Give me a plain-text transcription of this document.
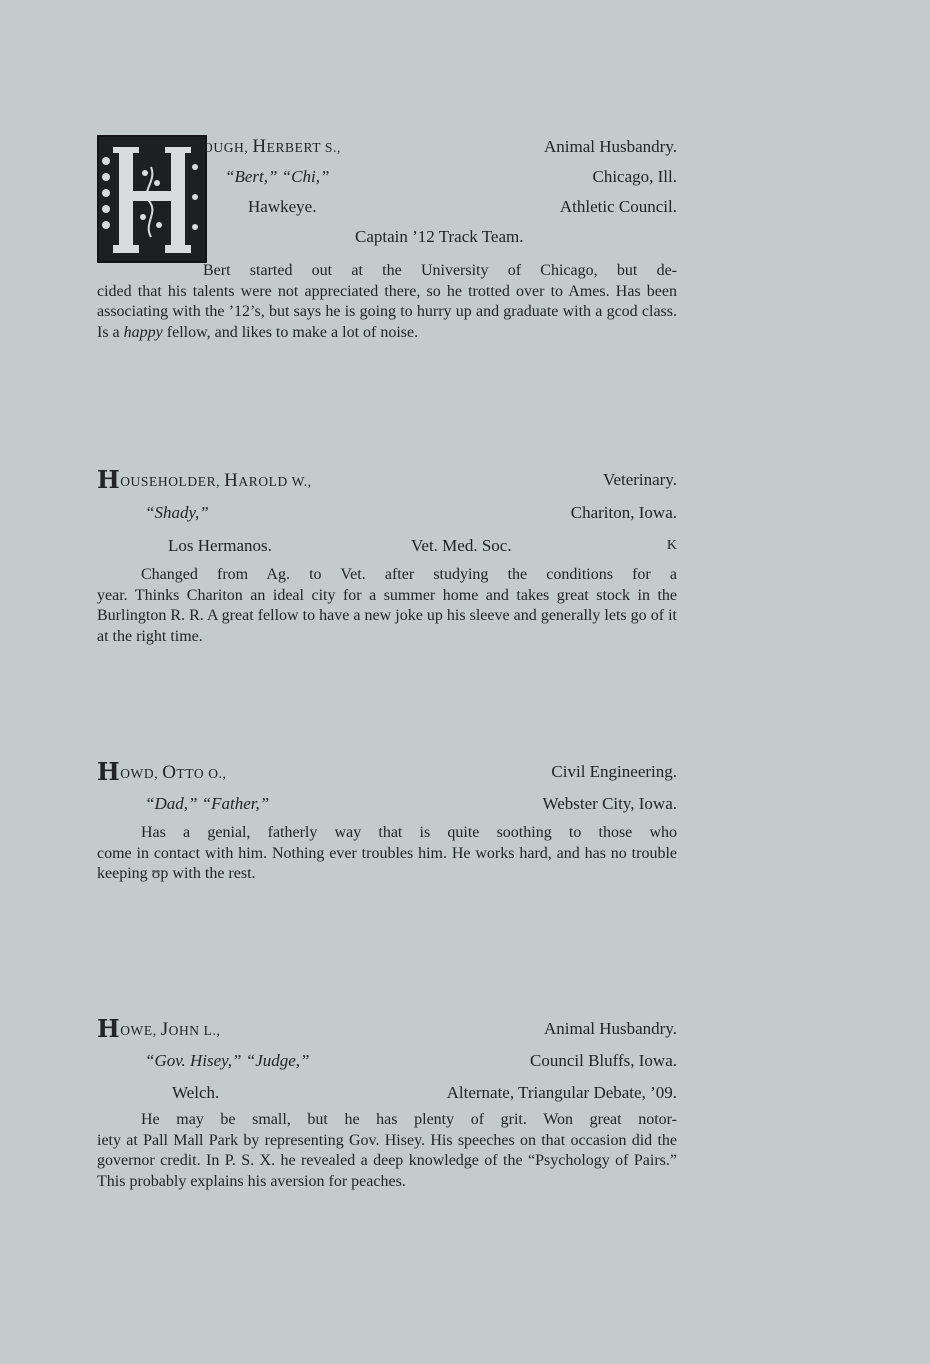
OUGH, HERBERT S.,	Animal Husbandry.
“Bert,” “Chi,”	Chicago, Ill.
Hawkeye.	Athletic Council.
Captain ’12 Track Team.

Bert started out at the University of Chicago, but de-
cided that his talents were not appreciated there, so he trotted over to Ames. Has been associating with the ’12’s, but says he is going to hurry up and graduate with a gcod class. Is a happy fellow, and likes to make a lot of noise.

HOUSEHOLDER, HAROLD W.,	Veterinary.
“Shady,”	Chariton, Iowa.
Los Hermanos.	Vet. Med. Soc.	K

Changed from Ag. to Vet. after studying the conditions for a
year. Thinks Chariton an ideal city for a summer home and takes great stock in the Burlington R. R. A great fellow to have a new joke up his sleeve and generally lets go of it at the right time.

HOWD, OTTO O.,	Civil Engineering.
“Dad,” “Father,”	Webster City, Iowa.

Has a genial, fatherly way that is quite soothing to those who
come in contact with him. Nothing ever troubles him. He works hard, and has no trouble keeping ʊp with the rest.

HOWE, JOHN L.,	Animal Husbandry.
“Gov. Hisey,” “Judge,”	Council Bluffs, Iowa.
Welch.	Alternate, Triangular Debate, ’09.

He may be small, but he has plenty of grit. Won great notor-
iety at Pall Mall Park by representing Gov. Hisey. His speeches on that occasion did the governor credit. In P. S. X. he revealed a deep knowledge of the “Psychology of Pairs.” This probably explains his aversion for peaches.
